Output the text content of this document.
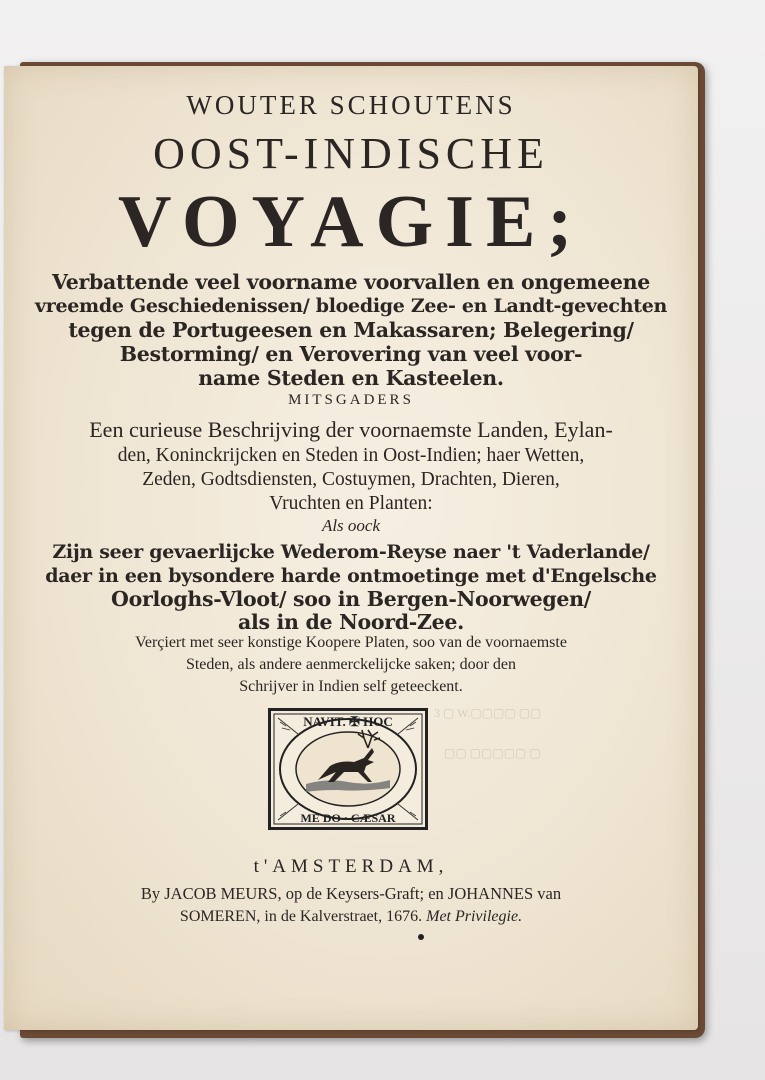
WOUTER SCHOUTENS
OOST-INDISCHE
VOYAGIE;
Verbattende veel voorname voorvallen en ongemeene
vreemde Geschiedenissen/ bloedige Zee- en Landt-gevechten
tegen de Portugeesen en Makassaren; Belegering/
Bestorming/ en Verovering van veel voor-
name Steden en Kasteelen.
MITSGADERS
Een curieuse Beschrijving der voornaemste Landen, Eylan-
den, Koninckrijcken en Steden in Oost-Indien; haer Wetten,
Zeden, Godtsdiensten, Costuymen, Drachten, Dieren,
Vruchten en Planten:
Als oock
Zijn seer gevaerlijcke Wederom-Reyse naer 't Vaderlande/
daer in een bysondere harde ontmoetinge met d'Engelsche
Oorloghs-Vloot/ soo in Bergen-Noorwegen/
als in de Noord-Zee.
Verçiert met seer konstige Koopere Platen, soo van de voornaemste
Steden, als andere aenmerckelijcke saken; door den
Schrijver in Indien self geteeckent.
3 ▢ W.▢▢▢▢ ▢▢
▢▢ ▢▢▢▢▢ ▢
NAVIT. ✠ HOC
ME DO · CÆSAR
t'AMSTERDAM,
By JACOB MEURS, op de Keysers-Graft; en JOHANNES van
SOMEREN, in de Kalverstraet, 1676. Met Privilegie.
